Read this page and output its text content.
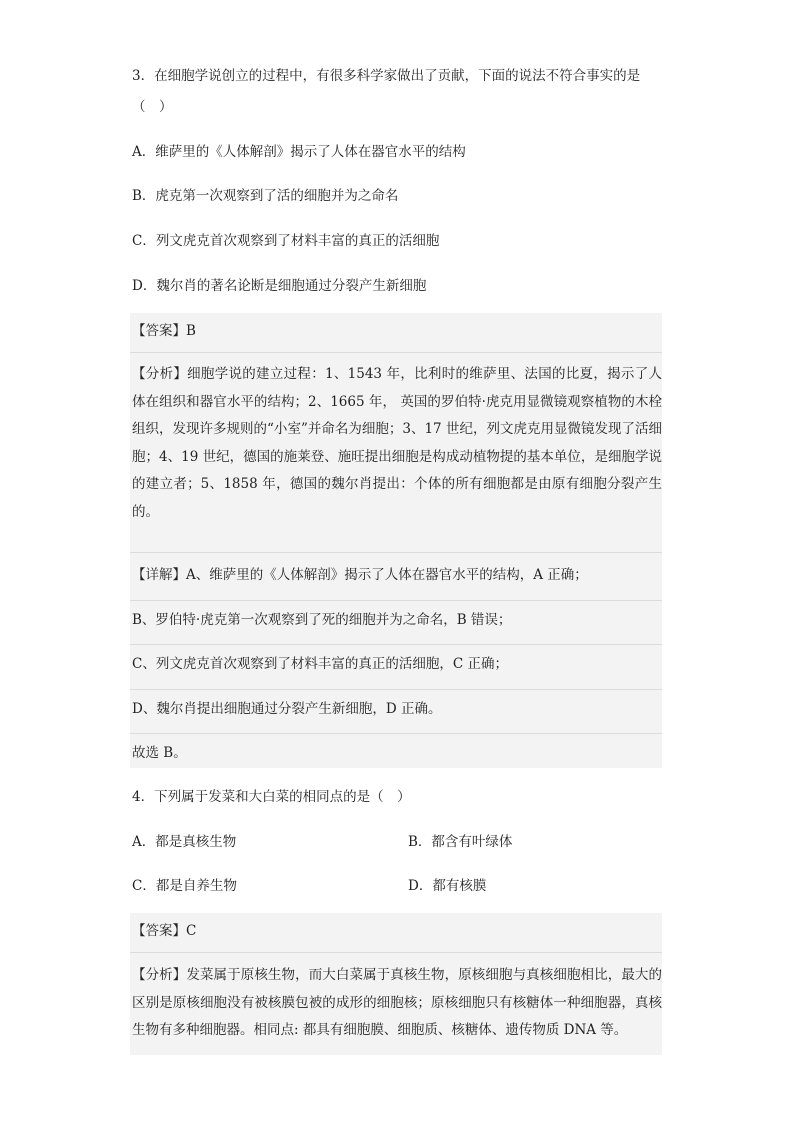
3．在细胞学说创立的过程中，有很多科学家做出了贡献，下面的说法不符合事实的是
（　）
A．维萨里的《人体解剖》揭示了人体在器官水平的结构
B．虎克第一次观察到了活的细胞并为之命名
C．列文虎克首次观察到了材料丰富的真正的活细胞
D．魏尔肖的著名论断是细胞通过分裂产生新细胞
【答案】B
【分析】细胞学说的建立过程：1、1543 年，比利时的维萨里、法国的比夏，揭示了人体在组织和器官水平的结构；2、1665 年， 英国的罗伯特·虎克用显微镜观察植物的木栓组织，发现许多规则的“小室”并命名为细胞；3、17 世纪，列文虎克用显微镜发现了活细胞；4、19 世纪，德国的施莱登、施旺提出细胞是构成动植物提的基本单位，是细胞学说的建立者；5、1858 年，德国的魏尔肖提出：个体的所有细胞都是由原有细胞分裂产生的。
【详解】A、维萨里的《人体解剖》揭示了人体在器官水平的结构，A 正确；
B、罗伯特·虎克第一次观察到了死的细胞并为之命名，B 错误；
C、列文虎克首次观察到了材料丰富的真正的活细胞，C 正确；
D、魏尔肖提出细胞通过分裂产生新细胞，D 正确。
故选 B。
4．下列属于发菜和大白菜的相同点的是（　）
A．都是真核生物	B．都含有叶绿体
C．都是自养生物	D．都有核膜
【答案】C
【分析】发菜属于原核生物，而大白菜属于真核生物，原核细胞与真核细胞相比，最大的区别是原核细胞没有被核膜包被的成形的细胞核；原核细胞只有核糖体一种细胞器，真核生物有多种细胞器。相同点: 都具有细胞膜、细胞质、核糖体、遗传物质 DNA 等。
